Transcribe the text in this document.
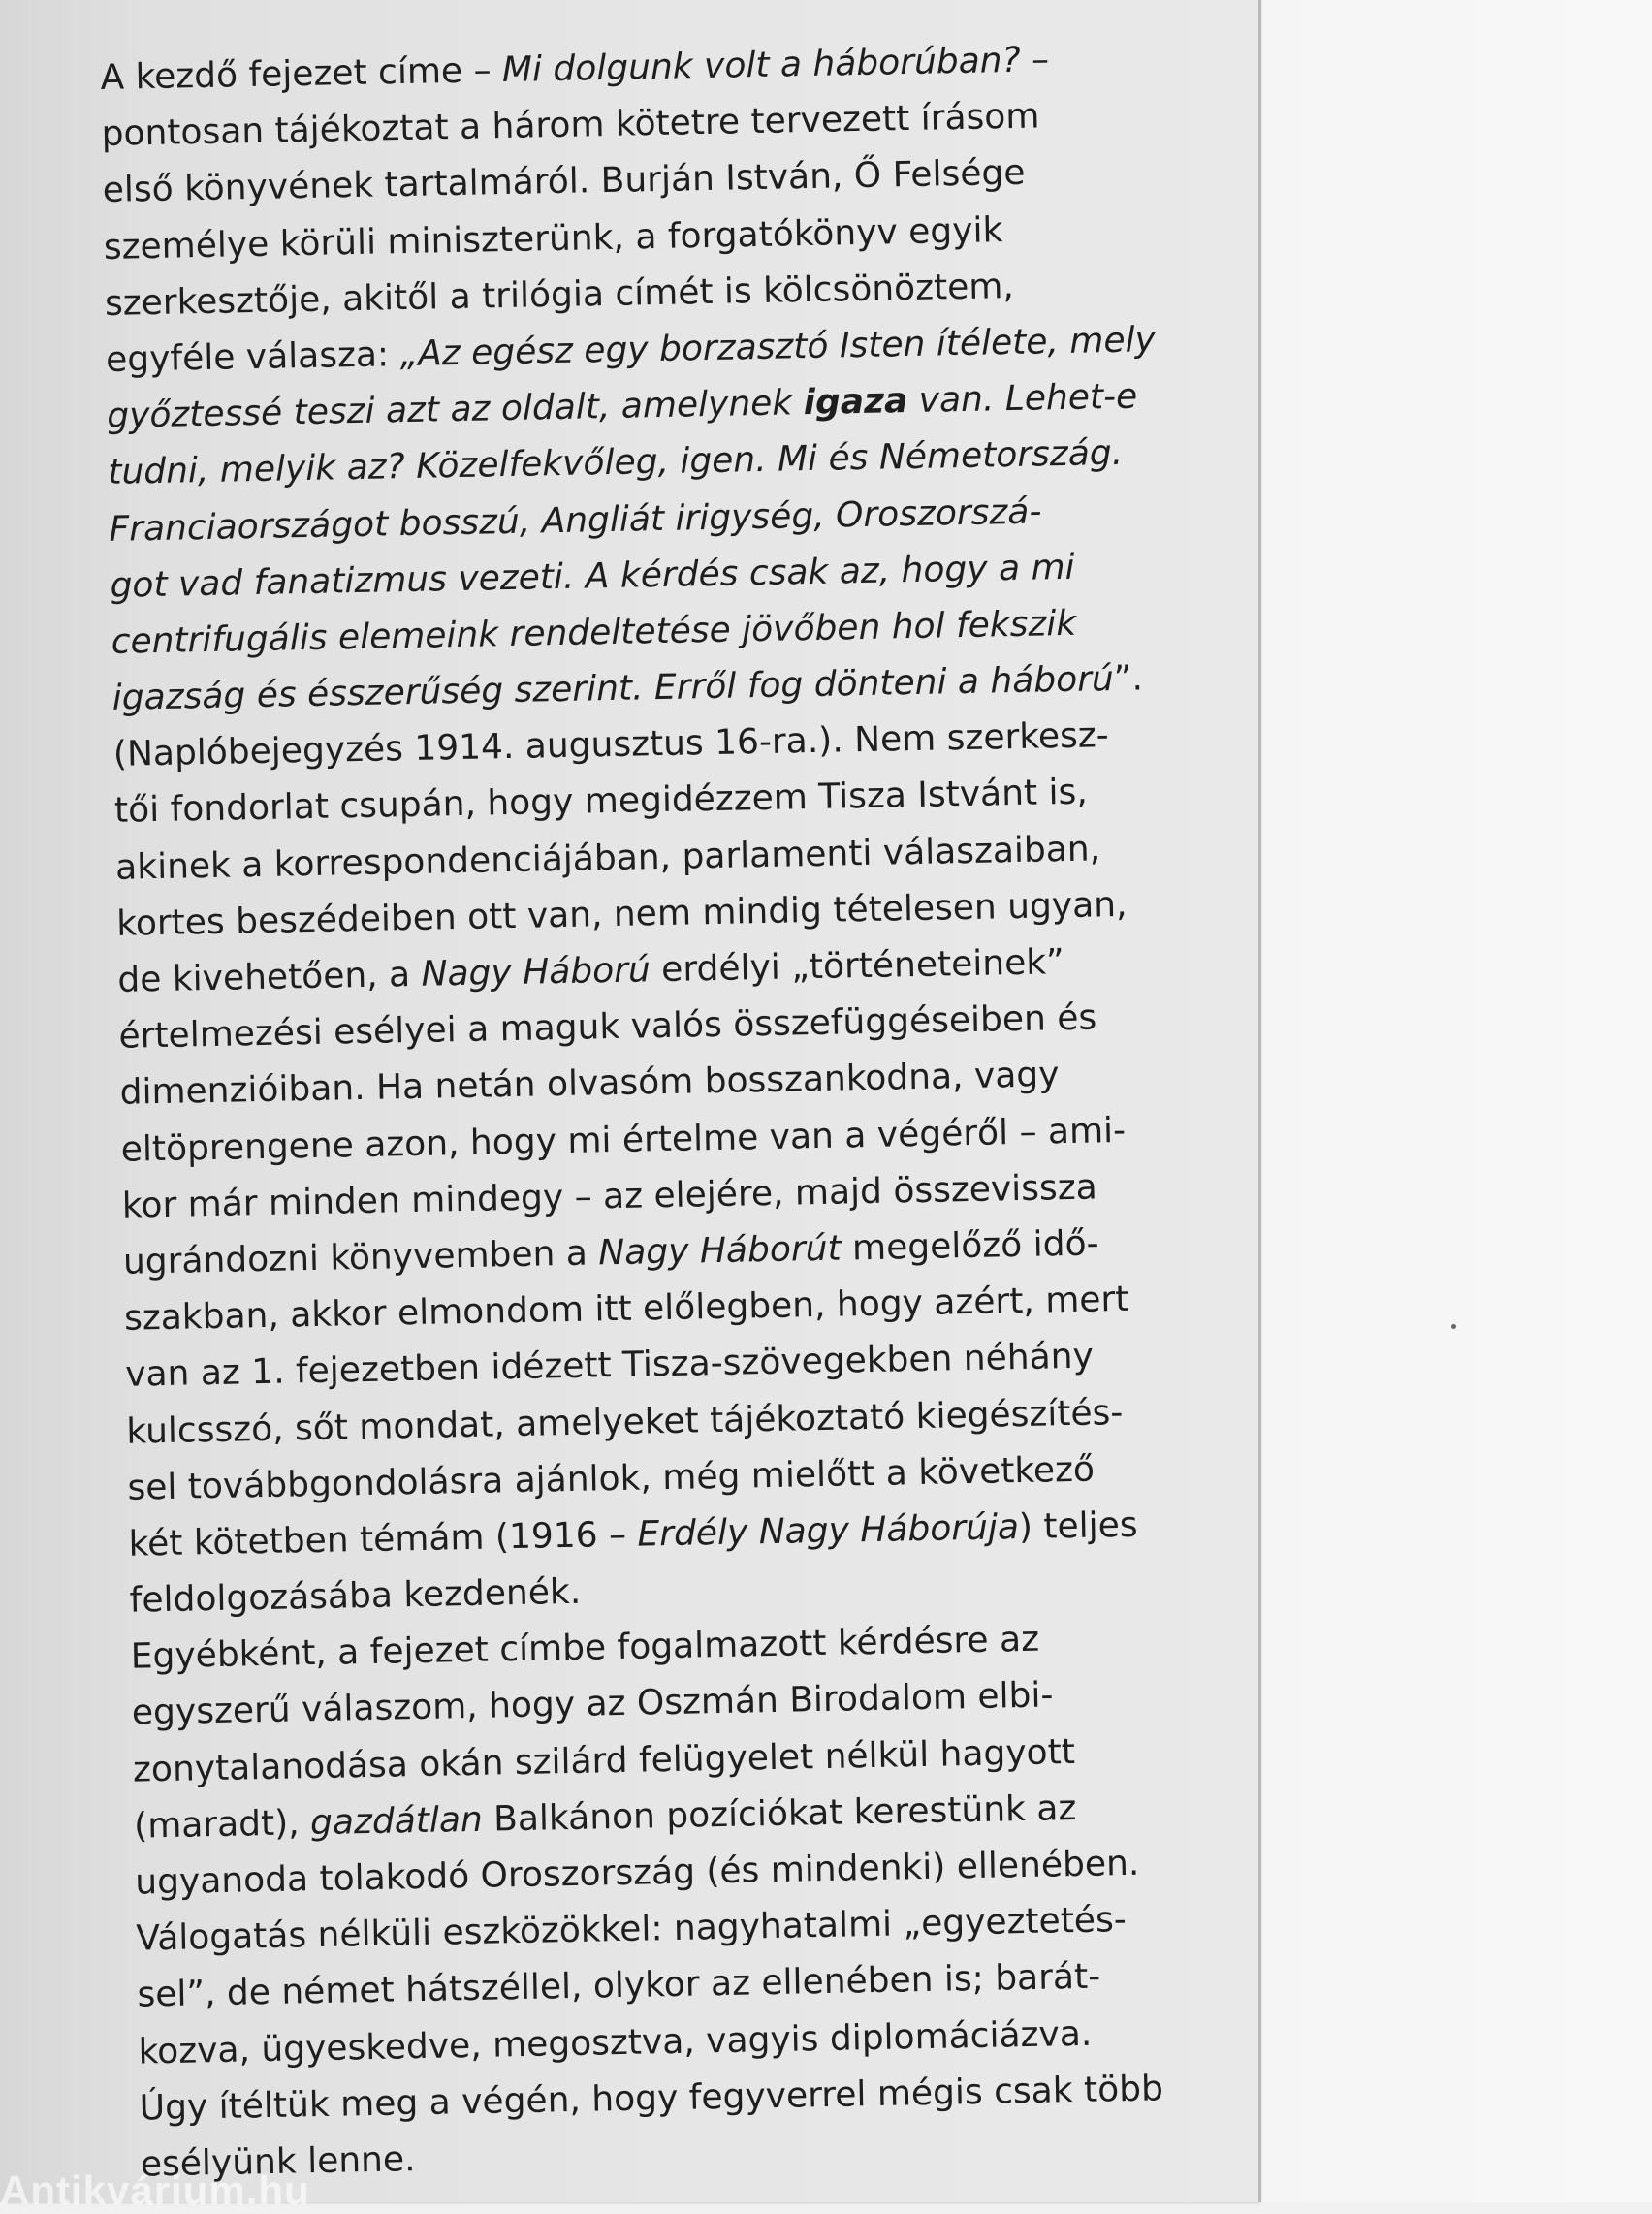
A kezdő fejezet címe – Mi dolgunk volt a háborúban? –
pontosan tájékoztat a három kötetre tervezett írásom
első könyvének tartalmáról. Burján István, Ő Felsége
személye körüli miniszterünk, a forgatókönyv egyik
szerkesztője, akitől a trilógia címét is kölcsönöztem,
egyféle válasza: „Az egész egy borzasztó Isten ítélete, mely
győztessé teszi azt az oldalt, amelynek igaza van. Lehet-e
tudni, melyik az? Közelfekvőleg, igen. Mi és Németország.
Franciaországot bosszú, Angliát irigység, Oroszorszá-
got vad fanatizmus vezeti. A kérdés csak az, hogy a mi
centrifugális elemeink rendeltetése jövőben hol fekszik
igazság és ésszerűség szerint. Erről fog dönteni a háború”.
(Naplóbejegyzés 1914. augusztus 16-ra.). Nem szerkesz-
tői fondorlat csupán, hogy megidézzem Tisza Istvánt is,
akinek a korrespondenciájában, parlamenti válaszaiban,
kortes beszédeiben ott van, nem mindig tételesen ugyan,
de kivehetően, a Nagy Háború erdélyi „történeteinek”
értelmezési esélyei a maguk valós összefüggéseiben és
dimenzióiban. Ha netán olvasóm bosszankodna, vagy
eltöprengene azon, hogy mi értelme van a végéről – ami-
kor már minden mindegy – az elejére, majd összevissza
ugrándozni könyvemben a Nagy Háborút megelőző idő-
szakban, akkor elmondom itt előlegben, hogy azért, mert
van az 1. fejezetben idézett Tisza-szövegekben néhány
kulcsszó, sőt mondat, amelyeket tájékoztató kiegészítés-
sel továbbgondolásra ajánlok, még mielőtt a következő
két kötetben témám (1916 – Erdély Nagy Háborúja) teljes
feldolgozásába kezdenék.
Egyébként, a fejezet címbe fogalmazott kérdésre az
egyszerű válaszom, hogy az Oszmán Birodalom elbi-
zonytalanodása okán szilárd felügyelet nélkül hagyott
(maradt), gazdátlan Balkánon pozíciókat kerestünk az
ugyanoda tolakodó Oroszország (és mindenki) ellenében.
Válogatás nélküli eszközökkel: nagyhatalmi „egyeztetés-
sel”, de német hátszéllel, olykor az ellenében is; barát-
kozva, ügyeskedve, megosztva, vagyis diplomáciázva.
Úgy ítéltük meg a végén, hogy fegyverrel mégis csak több
esélyünk lenne.
Antikvárium.hu
